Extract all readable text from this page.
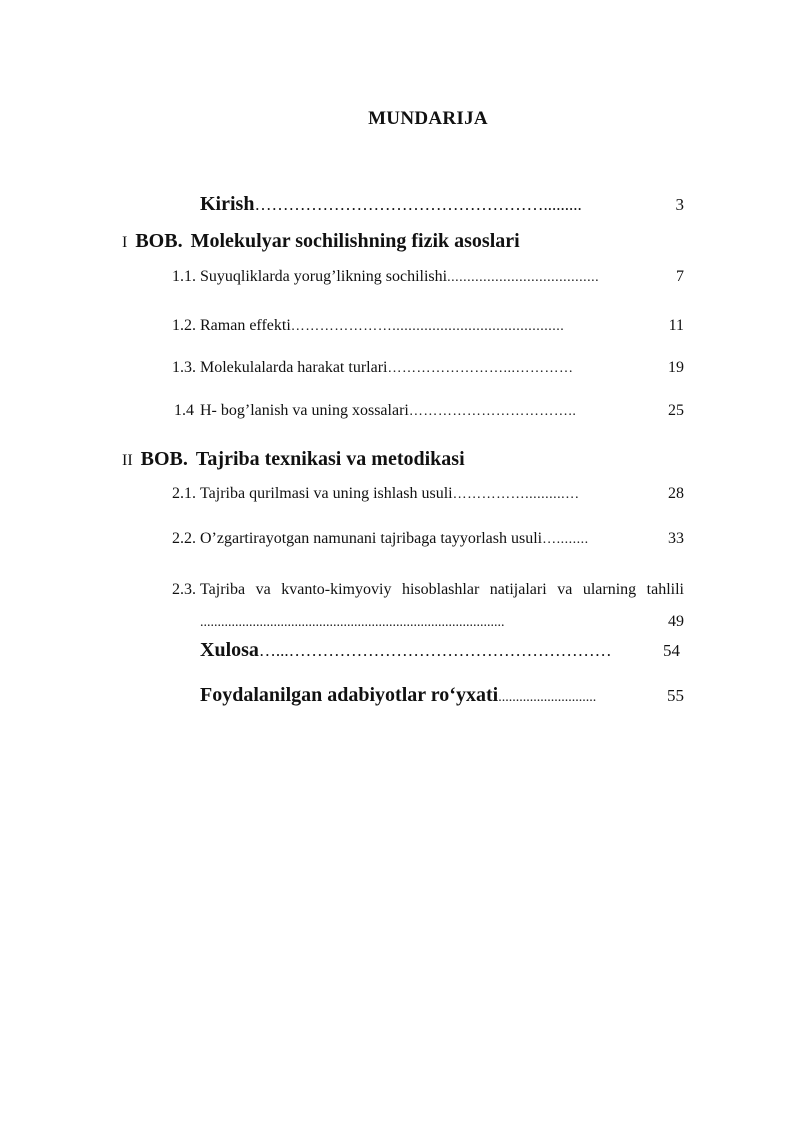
MUNDARIJA
Kirish …………………………………………….........	3
I BOB. Molekulyar sochilishning fizik asoslari
1.1. Suyuqliklarda yorug’likning sochilishi ......................................	7
1.2. Raman effekti …………………...........................................	11
1.3. Molekulalarda harakat turlari ……………………...…………	19
1.4 H- bog’lanish va uning xossalari ……………………………..	25
II BOB. Tajriba texnikasi va metodikasi
2.1. Tajriba qurilmasi va uning ishlash usuli ……………..........…	28
2.2. O’zgartirayotgan namunani tajribaga tayyorlash usuli …........	33
2.3. Tajriba va kvanto-kimyoviy hisoblashlar natijalari va ularning tahlili
.......................................................................................	49
Xulosa …...…………………………………………………	54
Foydalanilgan adabiyotlar ro‘yxati ............................	55
